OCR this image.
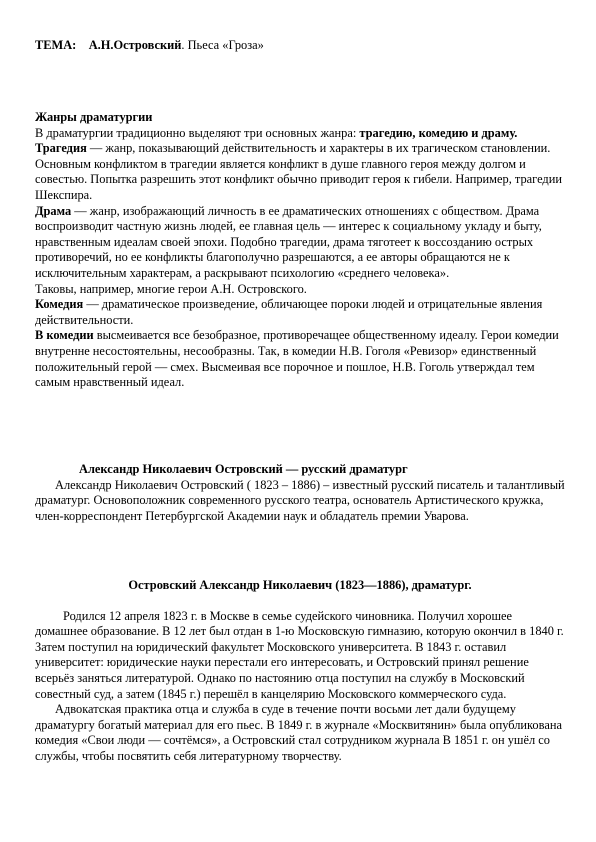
ТЕМА: А.Н.Островский. Пьеса «Гроза»

Жанры драматургии

В драматургии традиционно выделяют три основных жанра: трагедию, комедию и драму.

Трагедия — жанр, показывающий действительность и характеры в их трагическом становлении. Основным конфликтом в трагедии является конфликт в душе главного героя между долгом и совестью. Попытка разрешить этот конфликт обычно приводит героя к гибели. Например, трагедии Шекспира.

Драма — жанр, изображающий личность в ее драматических отношениях с обществом. Драма воспроизводит частную жизнь людей, ее главная цель — интерес к социальному укладу и быту, нравственным идеалам своей эпохи. Подобно трагедии, драма тяготеет к воссозданию острых противоречий, но ее конфликты благополучно разрешаются, а ее авторы обращаются не к исключительным характерам, а раскрывают психологию «среднего человека».

Таковы, например, многие герои А.Н. Островского.

Комедия — драматическое произведение, обличающее пороки людей и отрицательные явления действительности.

В комедии высмеивается все безобразное, противоречащее общественному идеалу. Герои комедии внутренне несостоятельны, несообразны. Так, в комедии Н.В. Гоголя «Ревизор» единственный положительный герой — смех. Высмеивая все порочное и пошлое, Н.В. Гоголь утверждал тем самым нравственный идеал.

Александр Николаевич Островский — русский драматург

Александр Николаевич Островский ( 1823 – 1886) – известный русский писатель и талантливый драматург. Основоположник современного русского театра, основатель Артистического кружка, член-корреспондент Петербургской Академии наук и обладатель премии Уварова.

Островский Александр Николаевич (1823—1886), драматург.

Родился 12 апреля 1823 г. в Москве в семье судейского чиновника. Получил хорошее домашнее образование. В 12 лет был отдан в 1-ю Московскую гимназию, которую окончил в 1840 г. Затем поступил на юридический факультет Московского университета. В 1843 г. оставил университет: юридические науки перестали его интересовать, и Островский принял решение всерьёз заняться литературой. Однако по настоянию отца поступил на службу в Московский совестный суд, а затем (1845 г.) перешёл в канцелярию Московского коммерческого суда.

Адвокатская практика отца и служба в суде в течение почти восьми лет дали будущему драматургу богатый материал для его пьес. В 1849 г. в журнале «Москвитянин» была опубликована комедия «Свои люди — сочтёмся», а Островский стал сотрудником журнала В 1851 г. он ушёл со службы, чтобы посвятить себя литературному творчеству.
